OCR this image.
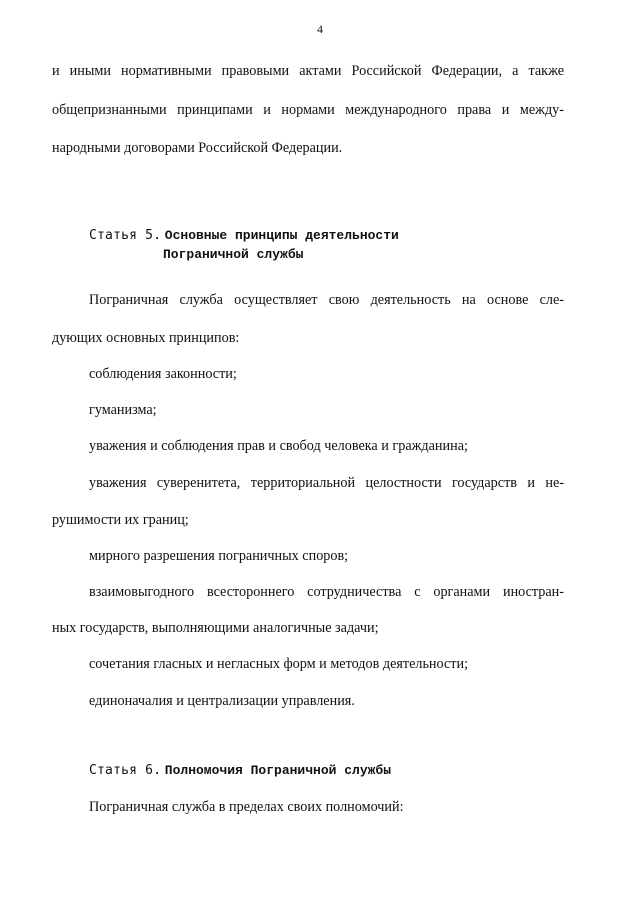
4
и иными нормативными правовыми актами Российской Федерации, а также
общепризнанными принципами и нормами международного права и между-
народными договорами Российской Федерации.
Статья 5. Основные принципы деятельности
Пограничной службы
Пограничная служба осуществляет свою деятельность на основе сле-
дующих основных принципов:
соблюдения законности;
гуманизма;
уважения и соблюдения прав и свобод человека и гражданина;
уважения суверенитета, территориальной целостности государств и не-
рушимости их границ;
мирного разрешения пограничных споров;
взаимовыгодного всестороннего сотрудничества с органами иностран-
ных государств, выполняющими аналогичные задачи;
сочетания гласных и негласных форм и методов деятельности;
единоначалия и централизации управления.
Статья 6. Полномочия Пограничной службы
Пограничная служба в пределах своих полномочий:
